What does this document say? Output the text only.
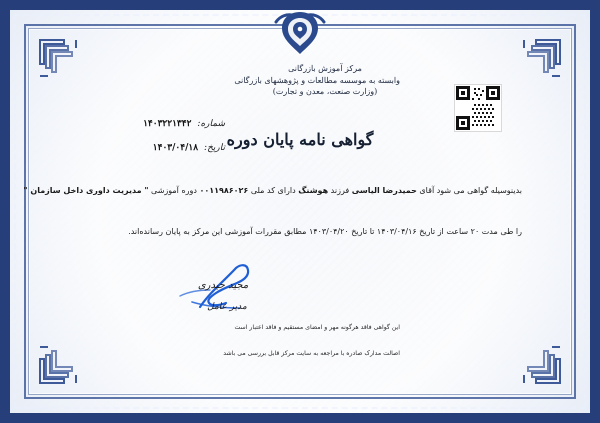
مرکز آموزش بازرگانی
وابسته به موسسه مطالعات و پژوهشهای بازرگانی
(وزارت صنعت، معدن و تجارت)
شماره:
۱۴۰۳۲۲۱۳۴۲
تاریخ:
۱۴۰۳/۰۴/۱۸	گواهی نامه پایان دوره
بدینوسیله گواهی می شود آقای حمیدرضا الیاسی فرزند هوشنگ دارای کد ملی ۰۰۱۱۹۸۶۰۲۶ دوره آموزشی " مدیریت داوری داخل سازمان "
را طی مدت ۲۰ ساعت از تاریخ ۱۴۰۳/۰۴/۱۶ تا تاریخ ۱۴۰۳/۰۴/۲۰ مطابق مقررات آموزشی این مرکز به پایان رسانده‌اند.
مجید حیدری
مدیر عامل
این گواهی فاقد هرگونه مهر و امضای مستقیم و فاقد اعتبار است
اصالت مدارک صادره با مراجعه به سایت مرکز قابل بررسی می باشد
